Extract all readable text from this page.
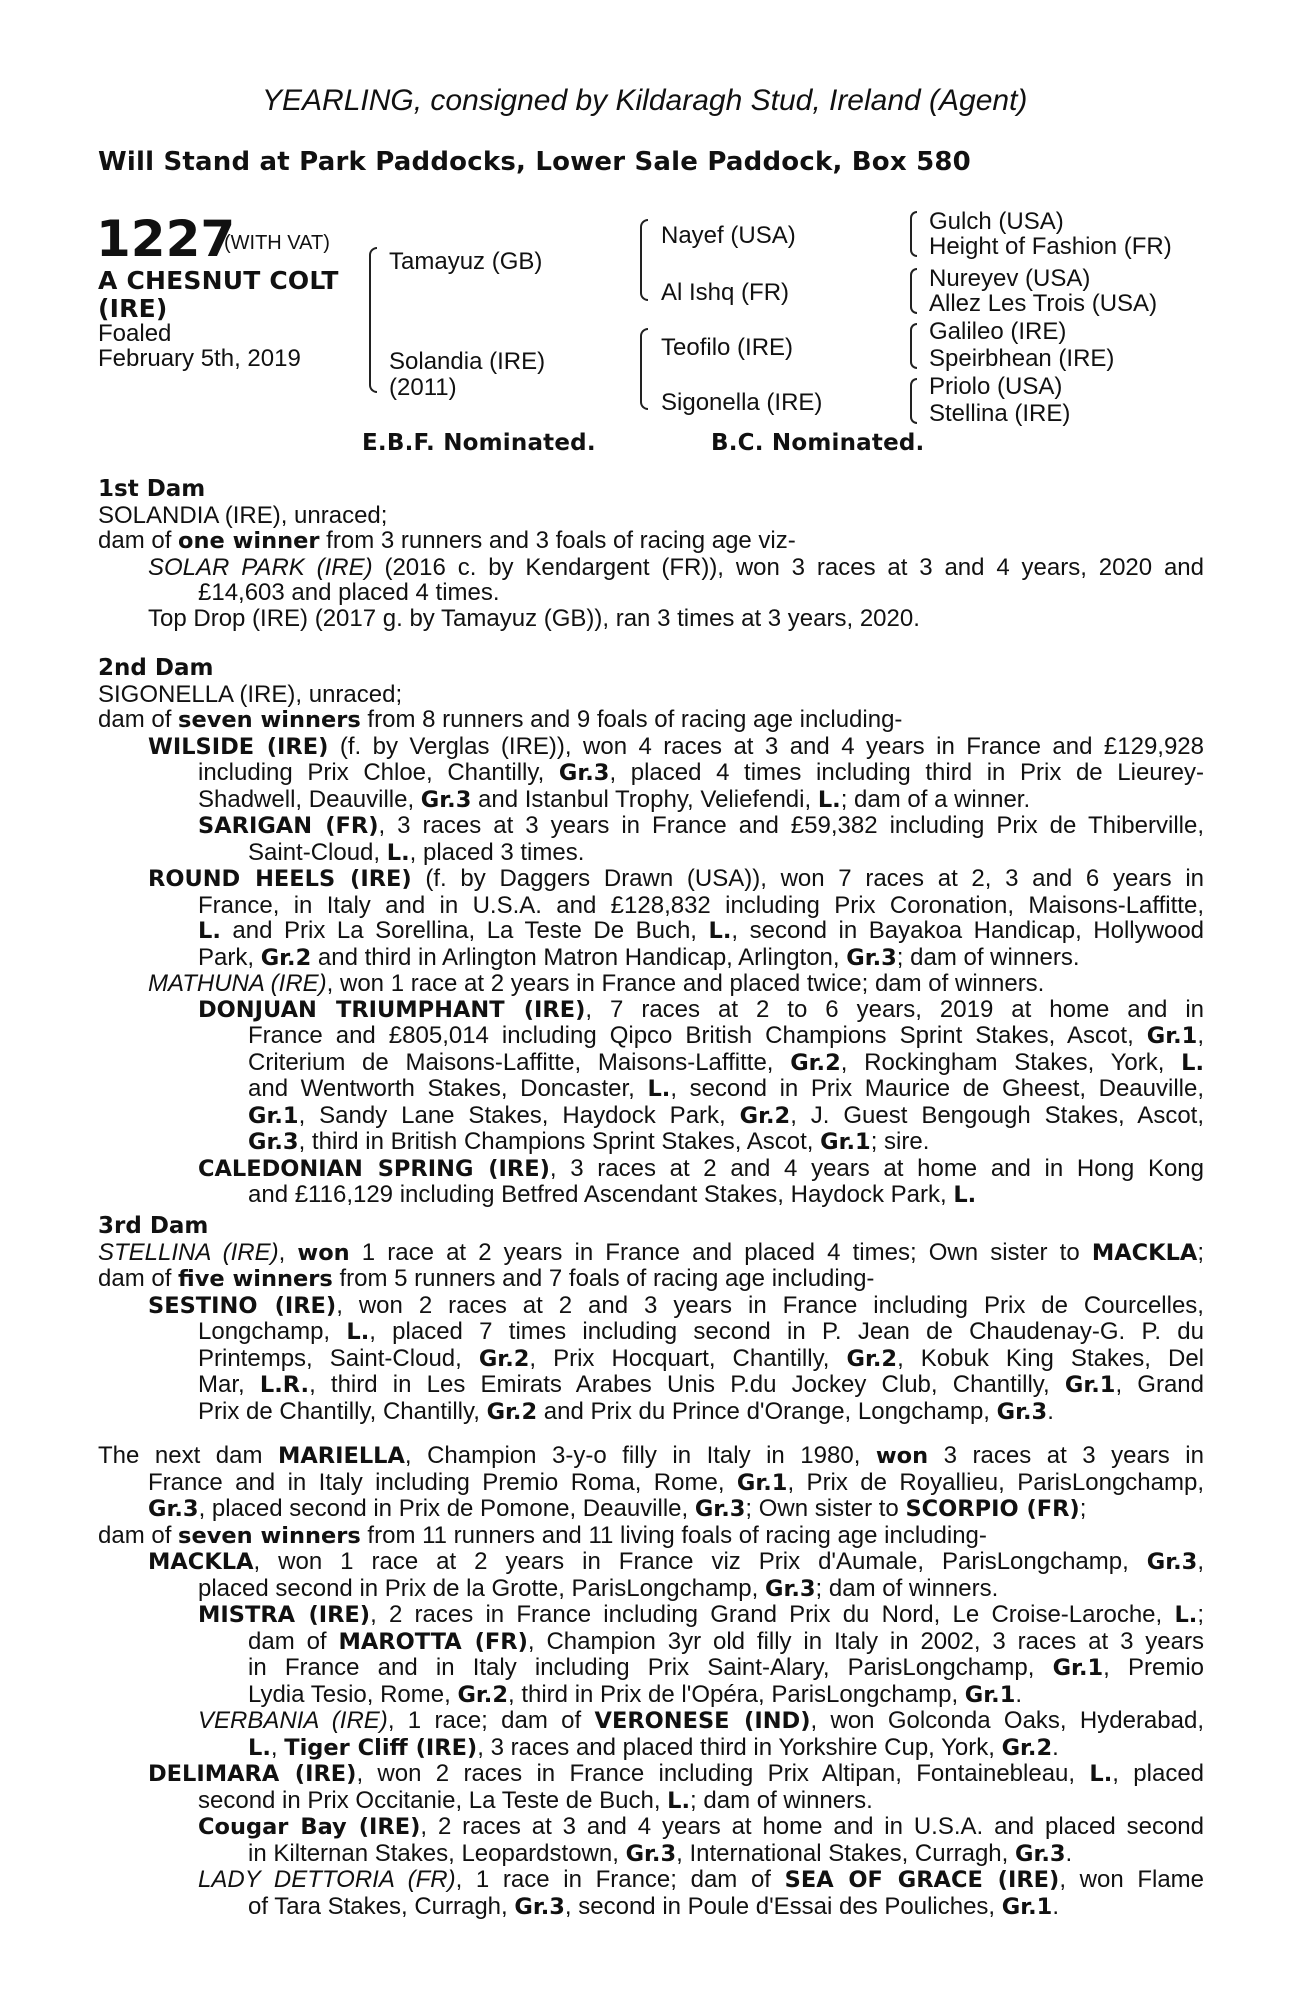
YEARLING, consigned by Kildaragh Stud, Ireland (Agent)
Will Stand at Park Paddocks, Lower Sale Paddock, Box 580
1227
(WITH VAT)
A CHESNUT COLT
(IRE)
Foaled
February 5th, 2019
Tamayuz (GB)
Solandia (IRE)
(2011)
Nayef (USA)
Al Ishq (FR)
Teofilo (IRE)
Sigonella (IRE)
Gulch (USA)
Height of Fashion (FR)
Nureyev (USA)
Allez Les Trois (USA)
Galileo (IRE)
Speirbhean (IRE)
Priolo (USA)
Stellina (IRE)
E.B.F. Nominated.	B.C. Nominated.
1st Dam
SOLANDIA (IRE), unraced;
dam of one winner from 3 runners and 3 foals of racing age viz-
SOLAR PARK (IRE) (2016 c. by Kendargent (FR)), won 3 races at 3 and 4 years, 2020 and
£14,603 and placed 4 times.
Top Drop (IRE) (2017 g. by Tamayuz (GB)), ran 3 times at 3 years, 2020.
2nd Dam
SIGONELLA (IRE), unraced;
dam of seven winners from 8 runners and 9 foals of racing age including-
WILSIDE (IRE) (f. by Verglas (IRE)), won 4 races at 3 and 4 years in France and £129,928
including Prix Chloe, Chantilly, Gr.3, placed 4 times including third in Prix de Lieurey-
Shadwell, Deauville, Gr.3 and Istanbul Trophy, Veliefendi, L.; dam of a winner.
SARIGAN (FR), 3 races at 3 years in France and £59,382 including Prix de Thiberville,
Saint-Cloud, L., placed 3 times.
ROUND HEELS (IRE) (f. by Daggers Drawn (USA)), won 7 races at 2, 3 and 6 years in
France, in Italy and in U.S.A. and £128,832 including Prix Coronation, Maisons-Laffitte,
L. and Prix La Sorellina, La Teste De Buch, L., second in Bayakoa Handicap, Hollywood
Park, Gr.2 and third in Arlington Matron Handicap, Arlington, Gr.3; dam of winners.
MATHUNA (IRE), won 1 race at 2 years in France and placed twice; dam of winners.
DONJUAN TRIUMPHANT (IRE), 7 races at 2 to 6 years, 2019 at home and in
France and £805,014 including Qipco British Champions Sprint Stakes, Ascot, Gr.1,
Criterium de Maisons-Laffitte, Maisons-Laffitte, Gr.2, Rockingham Stakes, York, L.
and Wentworth Stakes, Doncaster, L., second in Prix Maurice de Gheest, Deauville,
Gr.1, Sandy Lane Stakes, Haydock Park, Gr.2, J. Guest Bengough Stakes, Ascot,
Gr.3, third in British Champions Sprint Stakes, Ascot, Gr.1; sire.
CALEDONIAN SPRING (IRE), 3 races at 2 and 4 years at home and in Hong Kong
and £116,129 including Betfred Ascendant Stakes, Haydock Park, L.
3rd Dam
STELLINA (IRE), won 1 race at 2 years in France and placed 4 times; Own sister to MACKLA;
dam of five winners from 5 runners and 7 foals of racing age including-
SESTINO (IRE), won 2 races at 2 and 3 years in France including Prix de Courcelles,
Longchamp, L., placed 7 times including second in P. Jean de Chaudenay-G. P. du
Printemps, Saint-Cloud, Gr.2, Prix Hocquart, Chantilly, Gr.2, Kobuk King Stakes, Del
Mar, L.R., third in Les Emirats Arabes Unis P.du Jockey Club, Chantilly, Gr.1, Grand
Prix de Chantilly, Chantilly, Gr.2 and Prix du Prince d'Orange, Longchamp, Gr.3.
The next dam MARIELLA, Champion 3-y-o filly in Italy in 1980, won 3 races at 3 years in
France and in Italy including Premio Roma, Rome, Gr.1, Prix de Royallieu, ParisLongchamp,
Gr.3, placed second in Prix de Pomone, Deauville, Gr.3; Own sister to SCORPIO (FR);
dam of seven winners from 11 runners and 11 living foals of racing age including-
MACKLA, won 1 race at 2 years in France viz Prix d'Aumale, ParisLongchamp, Gr.3,
placed second in Prix de la Grotte, ParisLongchamp, Gr.3; dam of winners.
MISTRA (IRE), 2 races in France including Grand Prix du Nord, Le Croise-Laroche, L.;
dam of MAROTTA (FR), Champion 3yr old filly in Italy in 2002, 3 races at 3 years
in France and in Italy including Prix Saint-Alary, ParisLongchamp, Gr.1, Premio
Lydia Tesio, Rome, Gr.2, third in Prix de l'Opéra, ParisLongchamp, Gr.1.
VERBANIA (IRE), 1 race; dam of VERONESE (IND), won Golconda Oaks, Hyderabad,
L., Tiger Cliff (IRE), 3 races and placed third in Yorkshire Cup, York, Gr.2.
DELIMARA (IRE), won 2 races in France including Prix Altipan, Fontainebleau, L., placed
second in Prix Occitanie, La Teste de Buch, L.; dam of winners.
Cougar Bay (IRE), 2 races at 3 and 4 years at home and in U.S.A. and placed second
in Kilternan Stakes, Leopardstown, Gr.3, International Stakes, Curragh, Gr.3.
LADY DETTORIA (FR), 1 race in France; dam of SEA OF GRACE (IRE), won Flame
of Tara Stakes, Curragh, Gr.3, second in Poule d'Essai des Pouliches, Gr.1.
